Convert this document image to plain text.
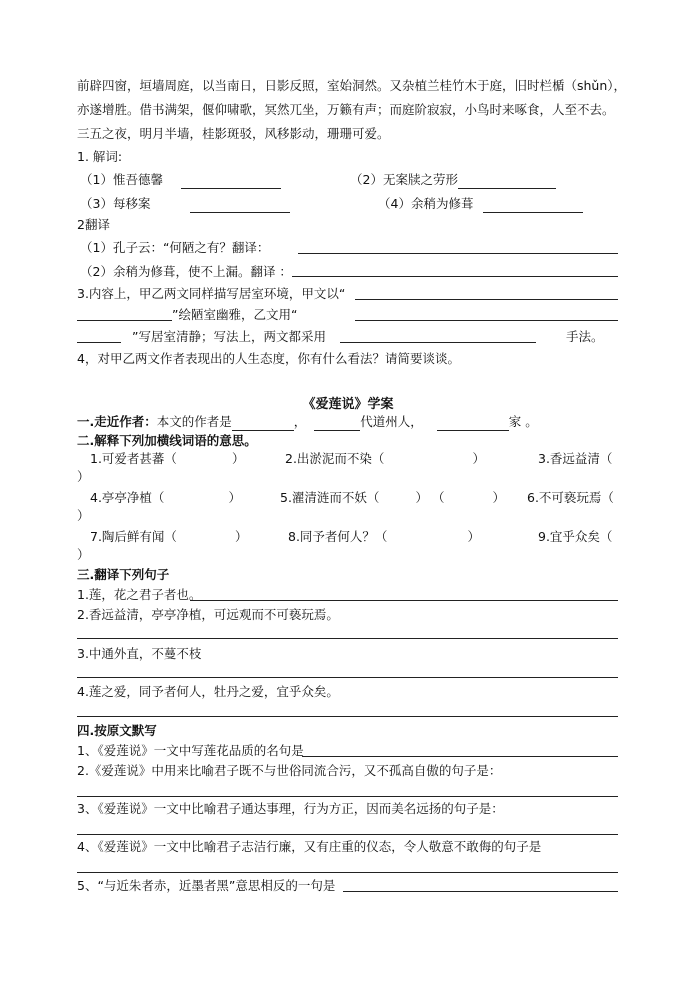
前辟四窗，垣墙周庭，以当南日，日影反照，室始洞然。又杂植兰桂竹木于庭，旧时栏楯（shǔn），
亦遂增胜。借书满架，偃仰啸歌，冥然兀坐，万籁有声；而庭阶寂寂，小鸟时来啄食，人至不去。
三五之夜，明月半墙，桂影斑驳，风移影动，珊珊可爱。
1. 解词:
（1）惟吾德馨	（2）无案牍之劳形
（3）每移案	（4）余稍为修葺
2翻译
（1）孔子云：“何陋之有？翻译：
（2）余稍为修葺，使不上漏。翻译 ：
3.内容上，甲乙两文同样描写居室环境，甲文以“
”绘陋室幽雅，乙文用“
”写居室清静；写法上，两文都采用	手法。
4，对甲乙两文作者表现出的人生态度，你有什么看法？请简要谈谈。
《爱莲说》学案
一.走近作者：本文的作者是	，	代道州人，	家 。
二.解释下列加横线词语的意思。
1.可爱者甚蕃（	）	2.出淤泥而不染（	）	3.香远益清（
）
4.亭亭净植（	）	5.濯清涟而不妖（	） （	） 6.不可亵玩焉（
）
7.陶后鲜有闻（	）	8.同予者何人？（	）	9.宜乎众矣（
）
三.翻译下列句子
1.莲，花之君子者也。
2.香远益清，亭亭净植，可远观而不可亵玩焉。
3.中通外直，不蔓不枝
4.莲之爱，同予者何人，牡丹之爱，宜乎众矣。
四.按原文默写
1、《爱莲说》一文中写莲花品质的名句是
2.《爱莲说》中用来比喻君子既不与世俗同流合污，又不孤高自傲的句子是：
3、《爱莲说》一文中比喻君子通达事理，行为方正，因而美名远扬的句子是：
4、《爱莲说》一文中比喻君子志洁行廉，又有庄重的仪态，令人敬意不敢侮的句子是
5、“与近朱者赤，近墨者黑”意思相反的一句是
